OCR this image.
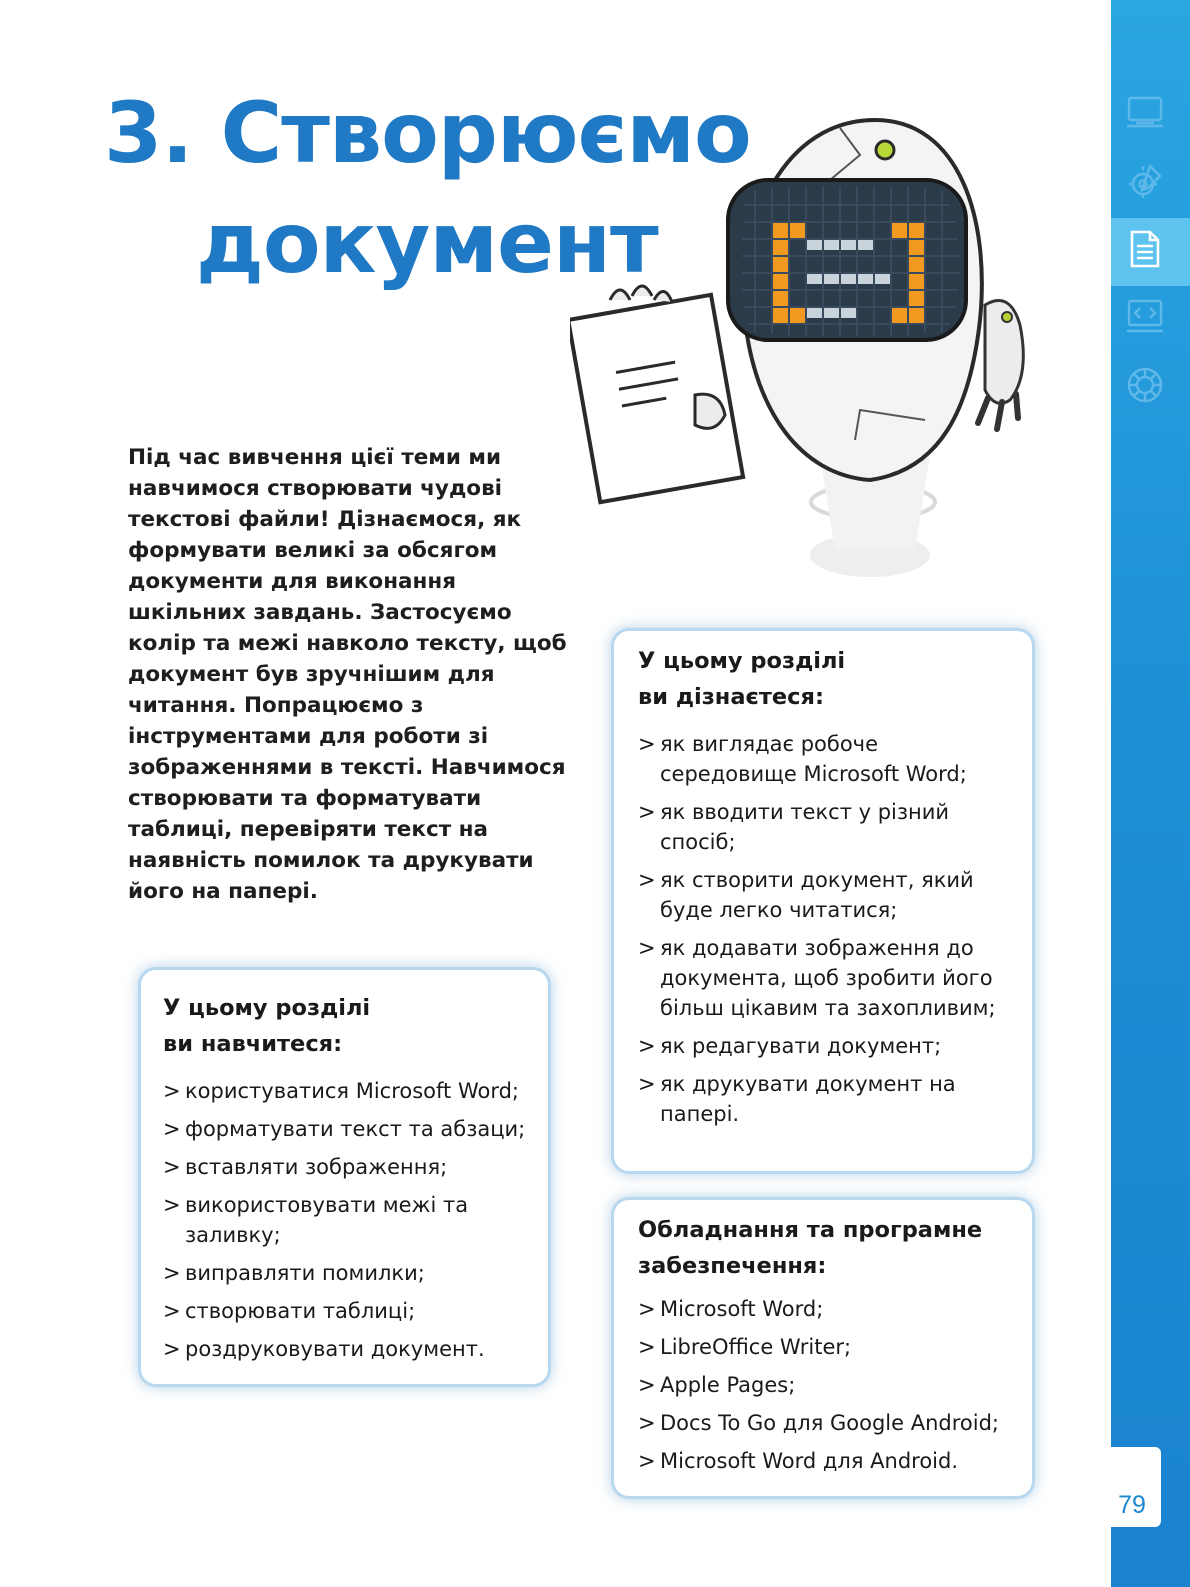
79
3. Створюємо
документ

Під час вивчення цієї теми ми навчимося створювати чудові текстові файли! Дізнаємося, як формувати великі за обсягом документи для виконання шкільних завдань. Застосуємо колір та межі навколо тексту, щоб документ був зручнішим для читання. Попрацюємо з інструментами для роботи зі зображеннями в тексті. Навчимося створювати та форматувати таблиці, перевіряти текст на наявність помилок та друкувати його на папері.

У цьому розділі
ви навчитеся:
> користуватися Microsoft Word;
> форматувати текст та абзаци;
> вставляти зображення;
> використовувати межі та заливку;
> виправляти помилки;
> створювати таблиці;
> роздруковувати документ.
У цьому розділі
ви дізнаєтеся:
> як виглядає робоче середовище Microsoft Word;
> як вводити текст у різний спосіб;
> як створити документ, який буде легко читатися;
> як додавати зображення до документа, щоб зробити його більш цікавим та захопливим;
> як редагувати документ;
> як друкувати документ на папері.
Обладнання та програмне
забезпечення:
> Microsoft Word;
> LibreOffice Writer;
> Apple Pages;
> Docs To Go для Google Android;
> Microsoft Word для Android.
